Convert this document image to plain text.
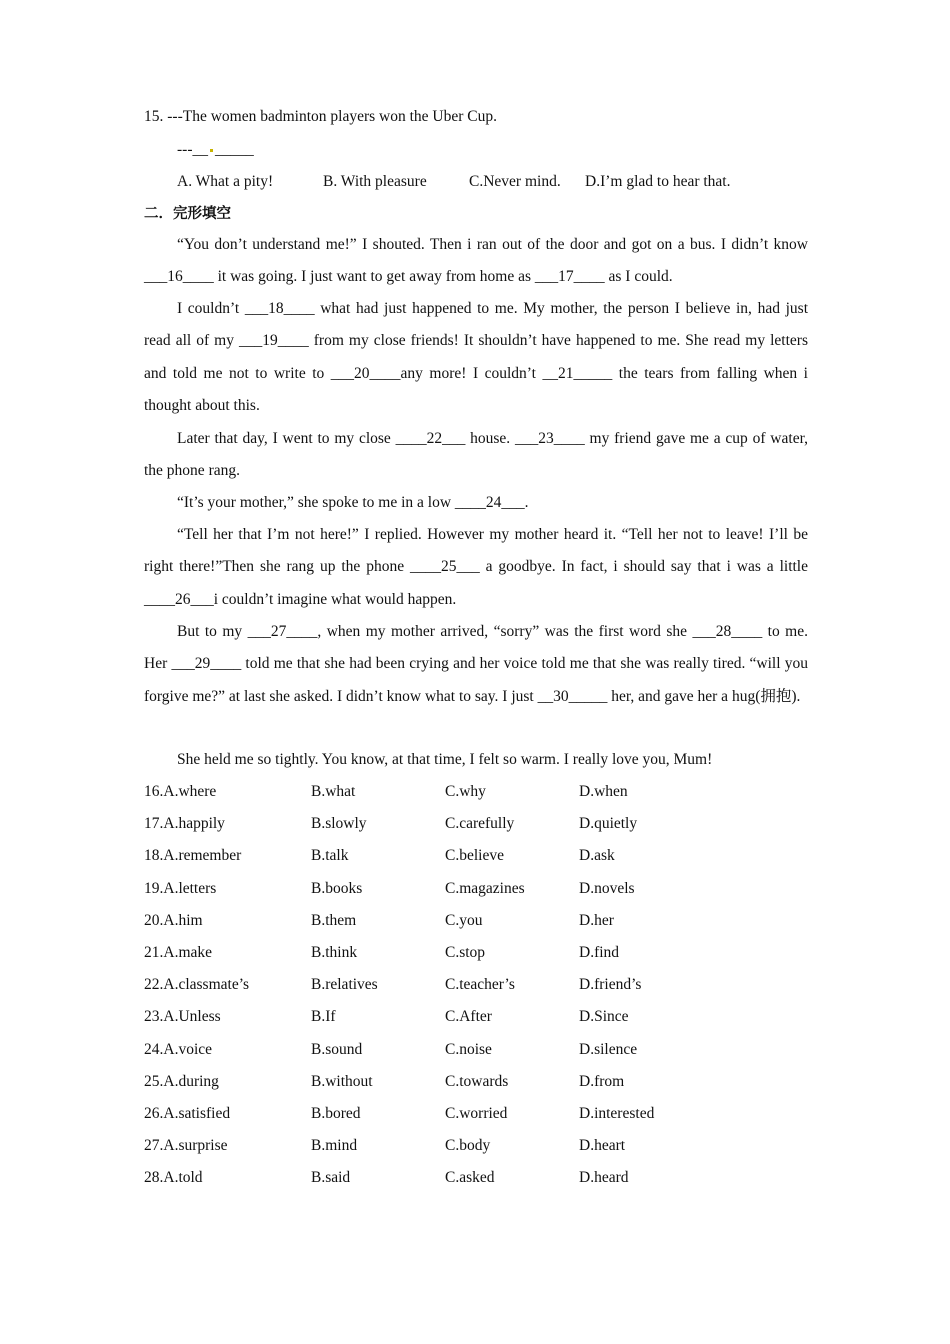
15. ---The women badminton players won the Uber Cup.
---__ _____
A. What a pity!	B. With pleasure	C.Never mind. D.I’m glad to hear that.
二．完形填空
“You don’t understand me!” I shouted. Then i ran out of the door and got on a bus. I didn’t know ___16____ it was going. I just want to get away from home as ___17____ as I could.
I couldn’t ___18____ what had just happened to me. My mother, the person I believe in, had just read all of my ___19____ from my close friends! It shouldn’t have happened to me. She read my letters and told me not to write to ___20____any more! I couldn’t __21_____ the tears from falling when i thought about this.
Later that day, I went to my close ____22___ house. ___23____ my friend gave me a cup of water, the phone rang.
“It’s your mother,” she spoke to me in a low ____24___.
“Tell her that I’m not here!” I replied. However my mother heard it. “Tell her not to leave! I’ll be right there!”Then she rang up the phone ____25___ a goodbye. In fact, i should say that i was a little ____26___i couldn’t imagine what would happen.
But to my ___27____, when my mother arrived, “sorry” was the first word she ___28____ to me. Her ___29____ told me that she had been crying and her voice told me that she was really tired. “will you forgive me?” at last she asked. I didn’t know what to say. I just __30_____ her, and gave her a hug(拥抱).
She held me so tightly. You know, at that time, I felt so warm. I really love you, Mum!
16.A.where	B.what	C.why	D.when
17.A.happily	B.slowly	C.carefully	D.quietly
18.A.remember	B.talk	C.believe	D.ask
19.A.letters	B.books	C.magazines	D.novels
20.A.him	B.them	C.you	D.her
21.A.make	B.think	C.stop	D.find
22.A.classmate’s	B.relatives	C.teacher’s	D.friend’s
23.A.Unless	B.If	C.After	D.Since
24.A.voice	B.sound	C.noise	D.silence
25.A.during	B.without	C.towards	D.from
26.A.satisfied	B.bored	C.worried	D.interested
27.A.surprise	B.mind	C.body	D.heart
28.A.told	B.said	C.asked	D.heard
